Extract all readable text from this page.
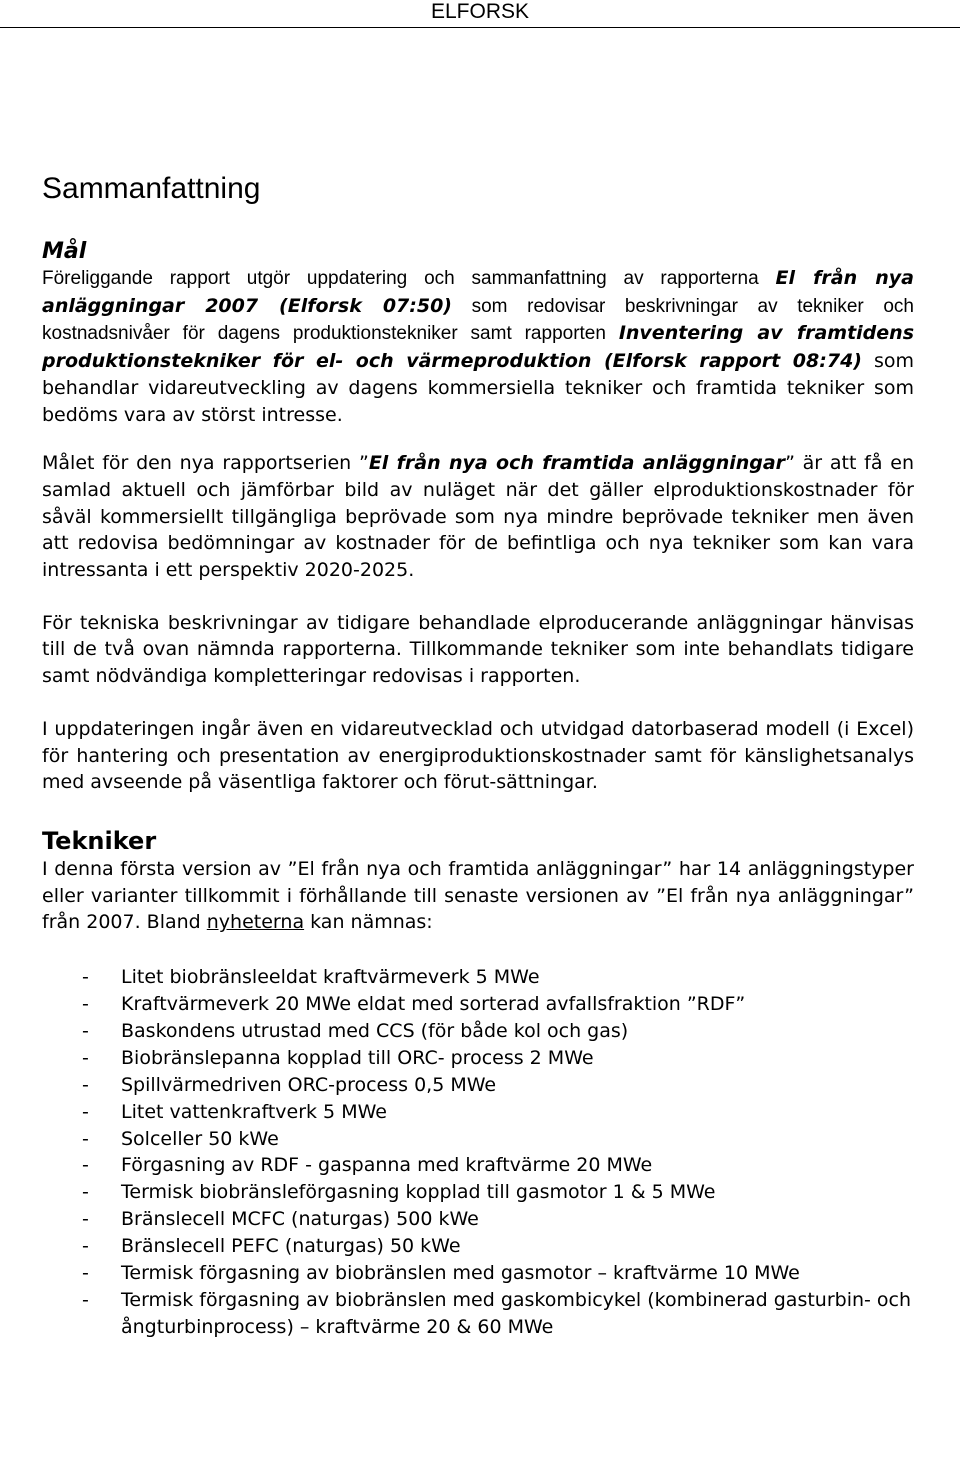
ELFORSK
Sammanfattning
Mål

Föreliggande rapport utgör uppdatering och sammanfattning av rapporterna El från nya anläggningar 2007 (Elforsk 07:50) som redovisar beskrivningar av tekniker och kostnadsnivåer för dagens produktionstekniker samt rapporten Inventering av framtidens produktionstekniker för el- och värmeproduktion (Elforsk rapport 08:74) som behandlar vidareutveckling av dagens kommersiella tekniker och framtida tekniker som bedöms vara av störst intresse.

Målet för den nya rapportserien ”El från nya och framtida anläggningar” är att få en samlad aktuell och jämförbar bild av nuläget när det gäller elproduktionskostnader för såväl kommersiellt tillgängliga beprövade som nya mindre beprövade tekniker men även att redovisa bedömningar av kostnader för de befintliga och nya tekniker som kan vara intressanta i ett perspektiv 2020-2025.

För tekniska beskrivningar av tidigare behandlade elproducerande anläggningar hänvisas till de två ovan nämnda rapporterna. Tillkommande tekniker som inte behandlats tidigare samt nödvändiga kompletteringar redovisas i rapporten.

I uppdateringen ingår även en vidareutvecklad och utvidgad datorbaserad modell (i Excel) för hantering och presentation av energiproduktionskostnader samt för känslighetsanalys med avseende på väsentliga faktorer och förut-sättningar.

Tekniker

I denna första version av ”El från nya och framtida anläggningar” har 14 anläggningstyper eller varianter tillkommit i förhållande till senaste versionen av ”El från nya anläggningar” från 2007. Bland nyheterna kan nämnas:

- Litet biobränsleeldat kraftvärmeverk 5 MWe
- Kraftvärmeverk 20 MWe eldat med sorterad avfallsfraktion ”RDF”
- Baskondens utrustad med CCS (för både kol och gas)
- Biobränslepanna kopplad till ORC- process 2 MWe
- Spillvärmedriven ORC-process 0,5 MWe
- Litet vattenkraftverk 5 MWe
- Solceller 50 kWe
- Förgasning av RDF - gaspanna med kraftvärme 20 MWe
- Termisk biobränsleförgasning kopplad till gasmotor 1 & 5 MWe
- Bränslecell MCFC (naturgas) 500 kWe
- Bränslecell PEFC (naturgas) 50 kWe
- Termisk förgasning av biobränslen med gasmotor – kraftvärme 10 MWe
- Termisk förgasning av biobränslen med gaskombicykel (kombinerad gasturbin- och ångturbinprocess) – kraftvärme 20 & 60 MWe
